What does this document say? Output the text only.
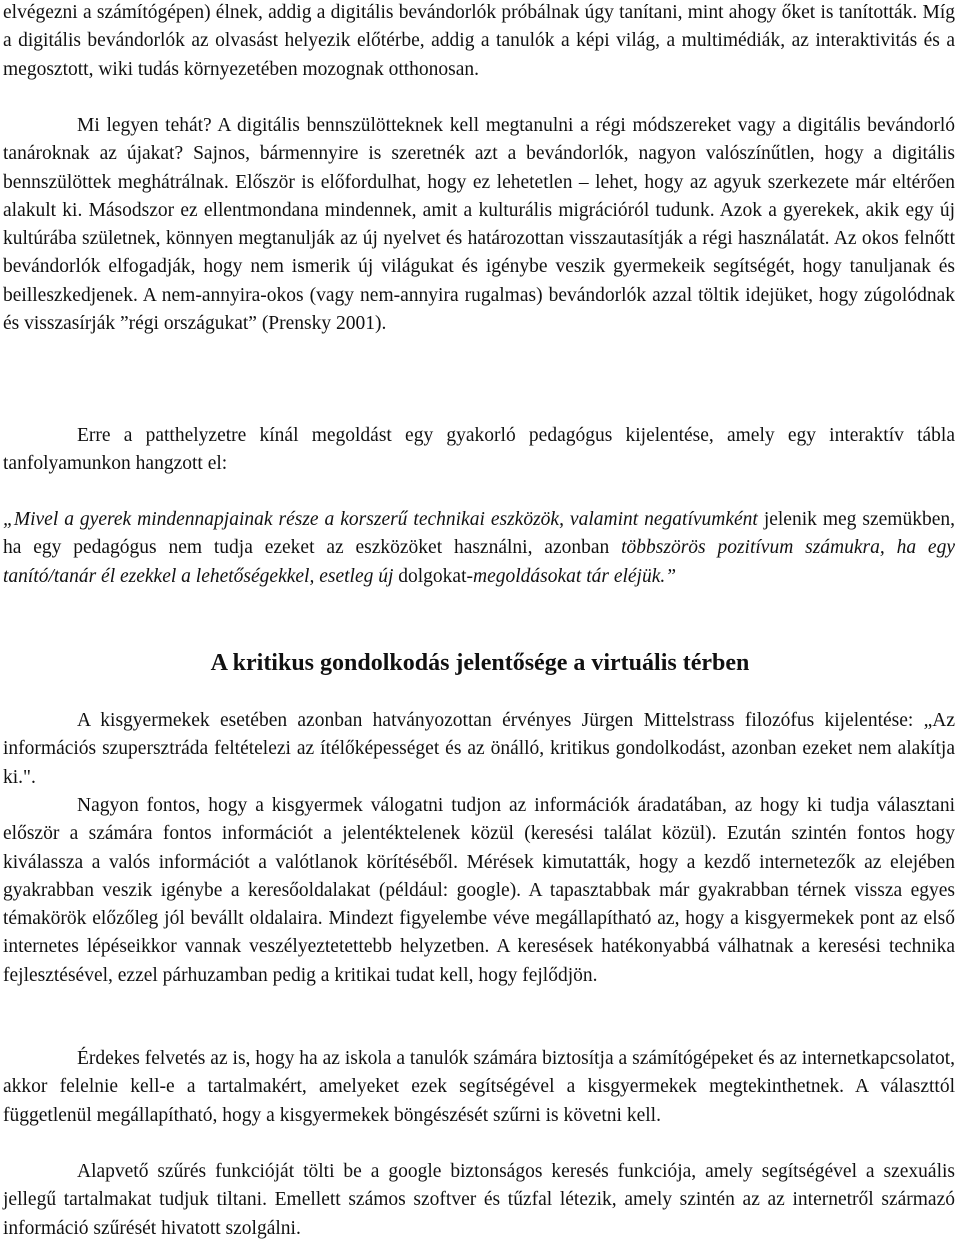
elvégezni a számítógépen) élnek, addig a digitális bevándorlók próbálnak úgy tanítani, mint ahogy őket is tanították. Míg a digitális bevándorlók az olvasást helyezik előtérbe, addig a tanulók a képi világ, a multimédiák, az interaktivitás és a megosztott, wiki tudás környezetében mozognak otthonosan.

Mi legyen tehát? A digitális bennszülötteknek kell megtanulni a régi módszereket vagy a digitális bevándorló tanároknak az újakat? Sajnos, bármennyire is szeretnék azt a bevándorlók, nagyon valószínűtlen, hogy a digitális bennszülöttek meghátrálnak. Először is előfordulhat, hogy ez lehetetlen – lehet, hogy az agyuk szerkezete már eltérően alakult ki. Másodszor ez ellentmondana mindennek, amit a kulturális migrációról tudunk. Azok a gyerekek, akik egy új kultúrába születnek, könnyen megtanulják az új nyelvet és határozottan visszautasítják a régi használatát. Az okos felnőtt bevándorlók elfogadják, hogy nem ismerik új világukat és igénybe veszik gyermekeik segítségét, hogy tanuljanak és beilleszkedjenek. A nem-annyira-okos (vagy nem-annyira rugalmas) bevándorlók azzal töltik idejüket, hogy zúgolódnak és visszasírják ”régi országukat” (Prensky 2001).

Erre a patthelyzetre kínál megoldást egy gyakorló pedagógus kijelentése, amely egy interaktív tábla tanfolyamunkon hangzott el:

„Mivel a gyerek mindennapjainak része a korszerű technikai eszközök, valamint negatívumként jelenik meg szemükben, ha egy pedagógus nem tudja ezeket az eszközöket használni, azonban többszörös pozitívum számukra, ha egy tanító/tanár él ezekkel a lehetőségekkel, esetleg új dolgokat-megoldásokat tár eléjük.”

A kritikus gondolkodás jelentősége a virtuális térben

A kisgyermekek esetében azonban hatványozottan érvényes Jürgen Mittelstrass filozófus kijelentése: „Az információs szupersztráda feltételezi az ítélőképességet és az önálló, kritikus gondolkodást, azonban ezeket nem alakítja ki.".

Nagyon fontos, hogy a kisgyermek válogatni tudjon az információk áradatában, az hogy ki tudja választani először a számára fontos információt a jelentéktelenek közül (keresési találat közül). Ezután szintén fontos hogy kiválassza a valós információt a valótlanok körítéséből. Mérések kimutatták, hogy a kezdő internetezők az elejében gyakrabban veszik igénybe a keresőoldalakat (például: google). A tapasztabbak már gyakrabban térnek vissza egyes témakörök előzőleg jól bevállt oldalaira. Mindezt figyelembe véve megállapítható az, hogy a kisgyermekek pont az első internetes lépéseikkor vannak veszélyeztetettebb helyzetben. A keresések hatékonyabbá válhatnak a keresési technika fejlesztésével, ezzel párhuzamban pedig a kritikai tudat kell, hogy fejlődjön.

Érdekes felvetés az is, hogy ha az iskola a tanulók számára biztosítja a számítógépeket és az internetkapcsolatot, akkor felelnie kell-e a tartalmakért, amelyeket ezek segítségével a kisgyermekek megtekinthetnek. A választtól függetlenül megállapítható, hogy a kisgyermekek böngészését szűrni is követni kell.

Alapvető szűrés funkcióját tölti be a google biztonságos keresés funkciója, amely segítségével a szexuális jellegű tartalmakat tudjuk tiltani. Emellett számos szoftver és tűzfal létezik, amely szintén az az internetről származó információ szűrését hivatott szolgálni.
